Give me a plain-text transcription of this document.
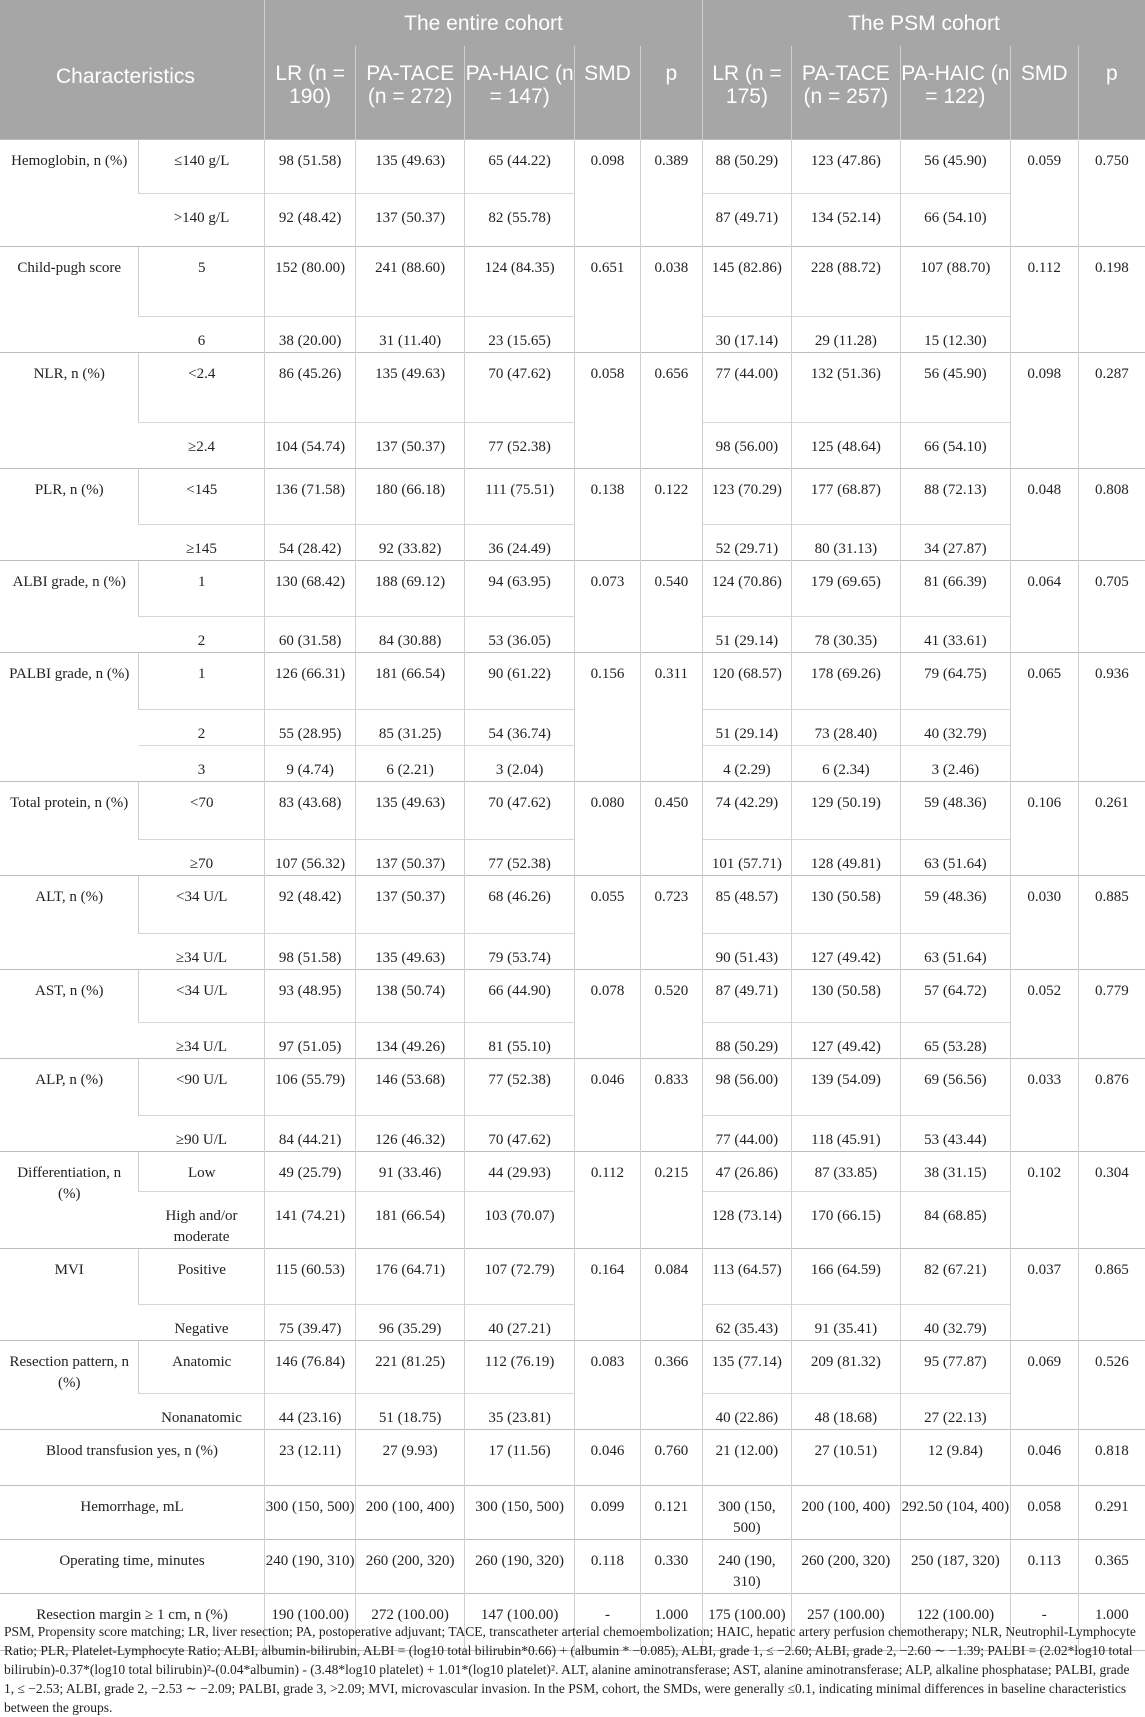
Characteristics		The entire cohort					The PSM cohort				
		LR (n = 190)	PA-TACE (n = 272)	PA-HAIC (n = 147)	SMD	p	LR (n = 175)	PA-TACE (n = 257)	PA-HAIC (n = 122)	SMD	p
Hemoglobin, n (%)	≤140 g/L	98 (51.58)	135 (49.63)	65 (44.22)	0.098	0.389	88 (50.29)	123 (47.86)	56 (45.90)	0.059	0.750
	>140 g/L	92 (48.42)	137 (50.37)	82 (55.78)			87 (49.71)	134 (52.14)	66 (54.10)		
Child-pugh score	5	152 (80.00)	241 (88.60)	124 (84.35)	0.651	0.038	145 (82.86)	228 (88.72)	107 (88.70)	0.112	0.198
	6	38 (20.00)	31 (11.40)	23 (15.65)			30 (17.14)	29 (11.28)	15 (12.30)		
NLR, n (%)	<2.4	86 (45.26)	135 (49.63)	70 (47.62)	0.058	0.656	77 (44.00)	132 (51.36)	56 (45.90)	0.098	0.287
	≥2.4	104 (54.74)	137 (50.37)	77 (52.38)			98 (56.00)	125 (48.64)	66 (54.10)		
PLR, n (%)	<145	136 (71.58)	180 (66.18)	111 (75.51)	0.138	0.122	123 (70.29)	177 (68.87)	88 (72.13)	0.048	0.808
	≥145	54 (28.42)	92 (33.82)	36 (24.49)			52 (29.71)	80 (31.13)	34 (27.87)		
ALBI grade, n (%)	1	130 (68.42)	188 (69.12)	94 (63.95)	0.073	0.540	124 (70.86)	179 (69.65)	81 (66.39)	0.064	0.705
	2	60 (31.58)	84 (30.88)	53 (36.05)			51 (29.14)	78 (30.35)	41 (33.61)		
PALBI grade, n (%)	1	126 (66.31)	181 (66.54)	90 (61.22)	0.156	0.311	120 (68.57)	178 (69.26)	79 (64.75)	0.065	0.936
	2	55 (28.95)	85 (31.25)	54 (36.74)			51 (29.14)	73 (28.40)	40 (32.79)		
	3	9 (4.74)	6 (2.21)	3 (2.04)			4 (2.29)	6 (2.34)	3 (2.46)		
Total protein, n (%)	<70	83 (43.68)	135 (49.63)	70 (47.62)	0.080	0.450	74 (42.29)	129 (50.19)	59 (48.36)	0.106	0.261
	≥70	107 (56.32)	137 (50.37)	77 (52.38)			101 (57.71)	128 (49.81)	63 (51.64)		
ALT, n (%)	<34 U/L	92 (48.42)	137 (50.37)	68 (46.26)	0.055	0.723	85 (48.57)	130 (50.58)	59 (48.36)	0.030	0.885
	≥34 U/L	98 (51.58)	135 (49.63)	79 (53.74)			90 (51.43)	127 (49.42)	63 (51.64)		
AST, n (%)	<34 U/L	93 (48.95)	138 (50.74)	66 (44.90)	0.078	0.520	87 (49.71)	130 (50.58)	57 (64.72)	0.052	0.779
	≥34 U/L	97 (51.05)	134 (49.26)	81 (55.10)			88 (50.29)	127 (49.42)	65 (53.28)		
ALP, n (%)	<90 U/L	106 (55.79)	146 (53.68)	77 (52.38)	0.046	0.833	98 (56.00)	139 (54.09)	69 (56.56)	0.033	0.876
	≥90 U/L	84 (44.21)	126 (46.32)	70 (47.62)			77 (44.00)	118 (45.91)	53 (43.44)		
Differentiation, n (%)	Low	49 (25.79)	91 (33.46)	44 (29.93)	0.112	0.215	47 (26.86)	87 (33.85)	38 (31.15)	0.102	0.304
	High and/or moderate	141 (74.21)	181 (66.54)	103 (70.07)			128 (73.14)	170 (66.15)	84 (68.85)		
MVI	Positive	115 (60.53)	176 (64.71)	107 (72.79)	0.164	0.084	113 (64.57)	166 (64.59)	82 (67.21)	0.037	0.865
	Negative	75 (39.47)	96 (35.29)	40 (27.21)			62 (35.43)	91 (35.41)	40 (32.79)		
Resection pattern, n (%)	Anatomic	146 (76.84)	221 (81.25)	112 (76.19)	0.083	0.366	135 (77.14)	209 (81.32)	95 (77.87)	0.069	0.526
	Nonanatomic	44 (23.16)	51 (18.75)	35 (23.81)			40 (22.86)	48 (18.68)	27 (22.13)		
Blood transfusion yes, n (%)		23 (12.11)	27 (9.93)	17 (11.56)	0.046	0.760	21 (12.00)	27 (10.51)	12 (9.84)	0.046	0.818
Hemorrhage, mL		300 (150, 500)	200 (100, 400)	300 (150, 500)	0.099	0.121	300 (150, 500)	200 (100, 400)	292.50 (104, 400)	0.058	0.291
Operating time, minutes		240 (190, 310)	260 (200, 320)	260 (190, 320)	0.118	0.330	240 (190, 310)	260 (200, 320)	250 (187, 320)	0.113	0.365
Resection margin ≥ 1 cm, n (%)		190 (100.00)	272 (100.00)	147 (100.00)	-	1.000	175 (100.00)	257 (100.00)	122 (100.00)	-	1.000
PSM, Propensity score matching; LR, liver resection; PA, postoperative adjuvant; TACE, transcatheter arterial chemoembolization; HAIC, hepatic artery perfusion chemotherapy; NLR, Neutrophil-Lymphocyte Ratio; PLR, Platelet-Lymphocyte Ratio; ALBI, albumin-bilirubin, ALBI = (log10 total bilirubin*0.66) + (albumin * −0.085), ALBI, grade 1, ≤ −2.60; ALBI, grade 2, −2.60 ∼ −1.39; PALBI = (2.02*log10 total bilirubin)-0.37*(log10 total bilirubin)²-(0.04*albumin) - (3.48*log10 platelet) + 1.01*(log10 platelet)². ALT, alanine aminotransferase; AST, alanine aminotransferase; ALP, alkaline phosphatase; PALBI, grade 1, ≤ −2.53; ALBI, grade 2, −2.53 ∼ −2.09; PALBI, grade 3, >2.09; MVI, microvascular invasion. In the PSM, cohort, the SMDs, were generally ≤0.1, indicating minimal differences in baseline characteristics between the groups.
